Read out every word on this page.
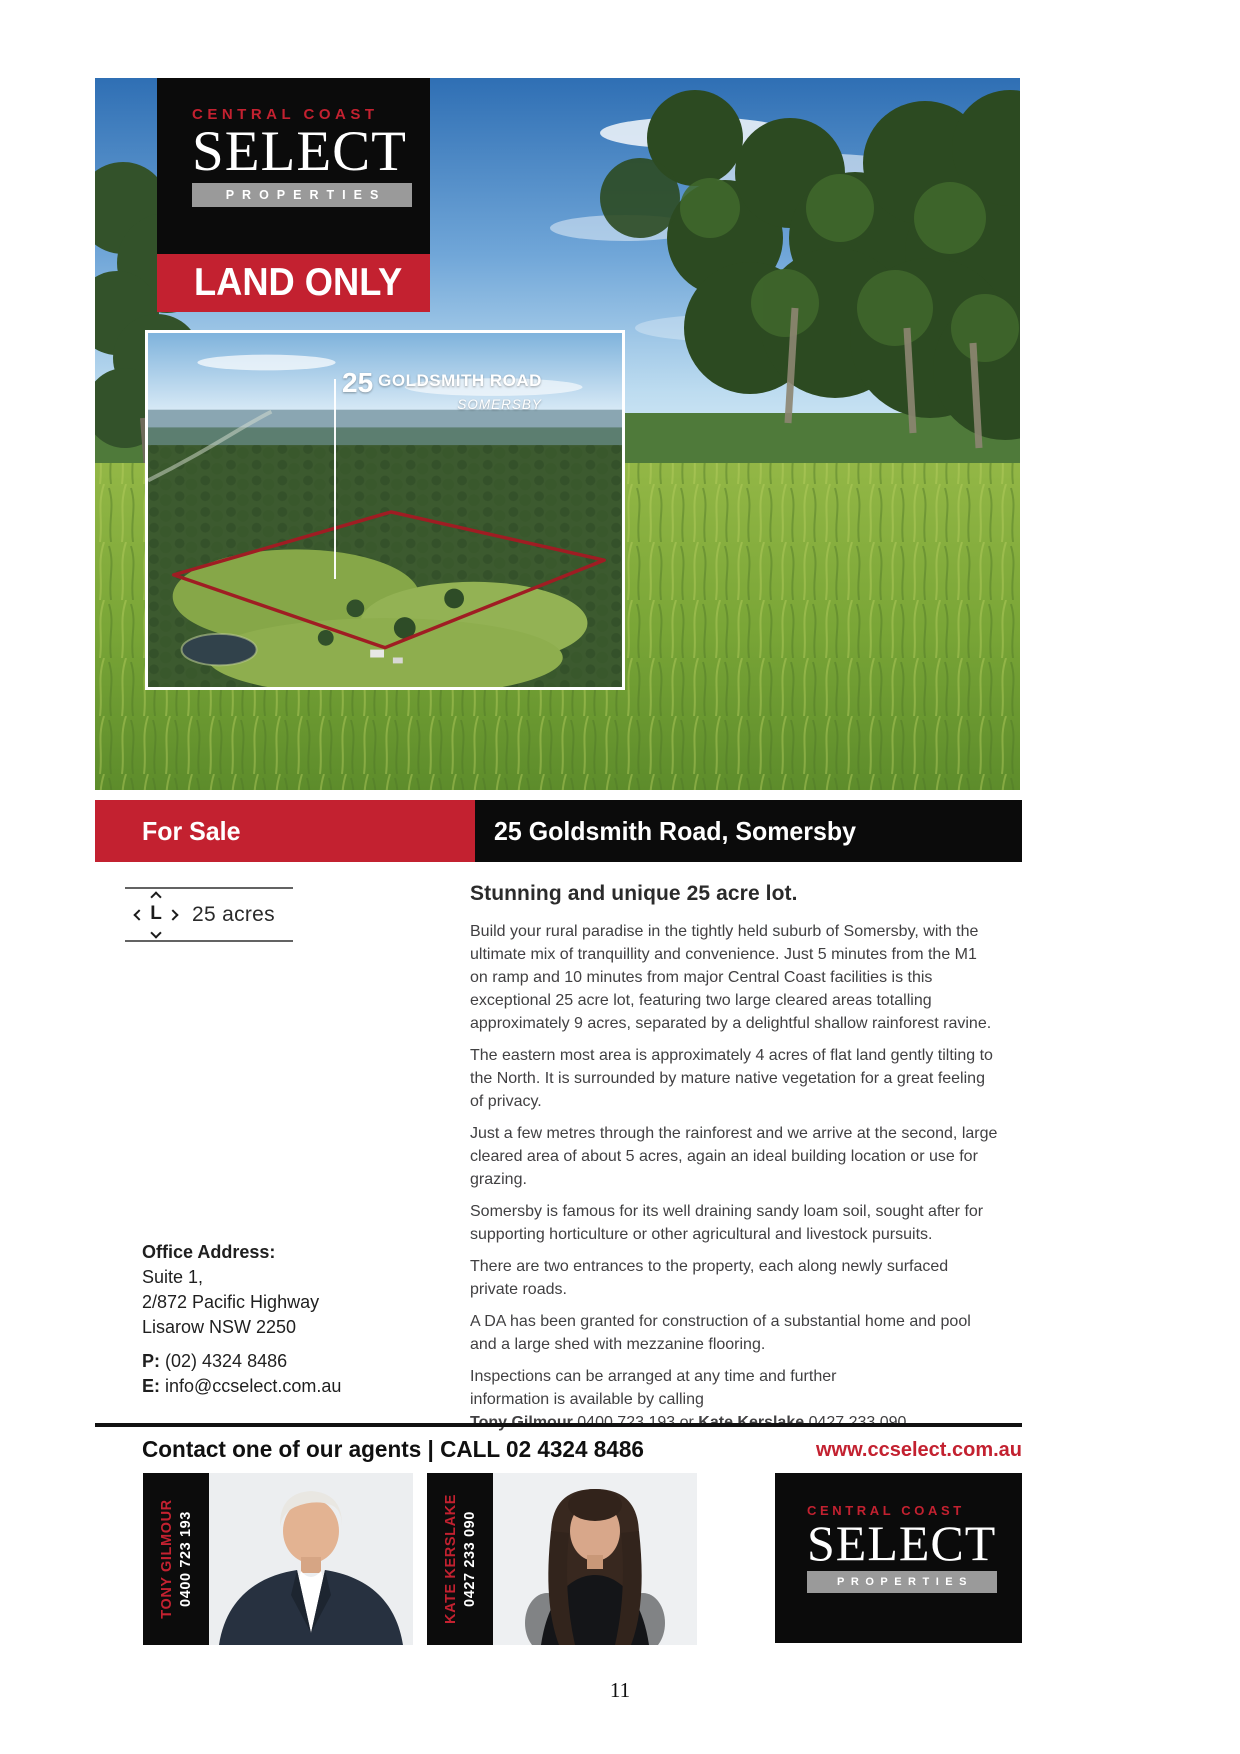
CENTRAL COAST
SELECT
PROPERTIES
LAND ONLY
25 GOLDSMITH ROAD
SOMERSBY
For Sale	25 Goldsmith Road, Somersby
L 25 acres
Stunning and unique 25 acre lot.

Build your rural paradise in the tightly held suburb of Somersby, with the ultimate mix of tranquillity and convenience. Just 5 minutes from the M1 on ramp and 10 minutes from major Central Coast facilities is this exceptional 25 acre lot, featuring two large cleared areas totalling approximately 9 acres, separated by a delightful shallow rainforest ravine.

The eastern most area is approximately 4 acres of flat land gently tilting to the North. It is surrounded by mature native vegetation for a great feeling of privacy.

Just a few metres through the rainforest and we arrive at the second, large cleared area of about 5 acres, again an ideal building location or use for grazing.

Somersby is famous for its well draining sandy loam soil, sought after for supporting horticulture or other agricultural and livestock pursuits.

There are two entrances to the property, each along newly surfaced private roads.

A DA has been granted for construction of a substantial home and pool and a large shed with mezzanine flooring.

Inspections can be arranged at any time and further
information is available by calling

Office Address:
Suite 1,
2/872 Pacific Highway
Lisarow NSW 2250
P: (02) 4324 8486
E: info@ccselect.com.au
Contact one of our agents | CALL 02 4324 8486	www.ccselect.com.au
TONY GILMOUR 0400 723 193	KATE KERSLAKE 0427 233 090
CENTRAL COAST
SELECT
PROPERTIES
11
